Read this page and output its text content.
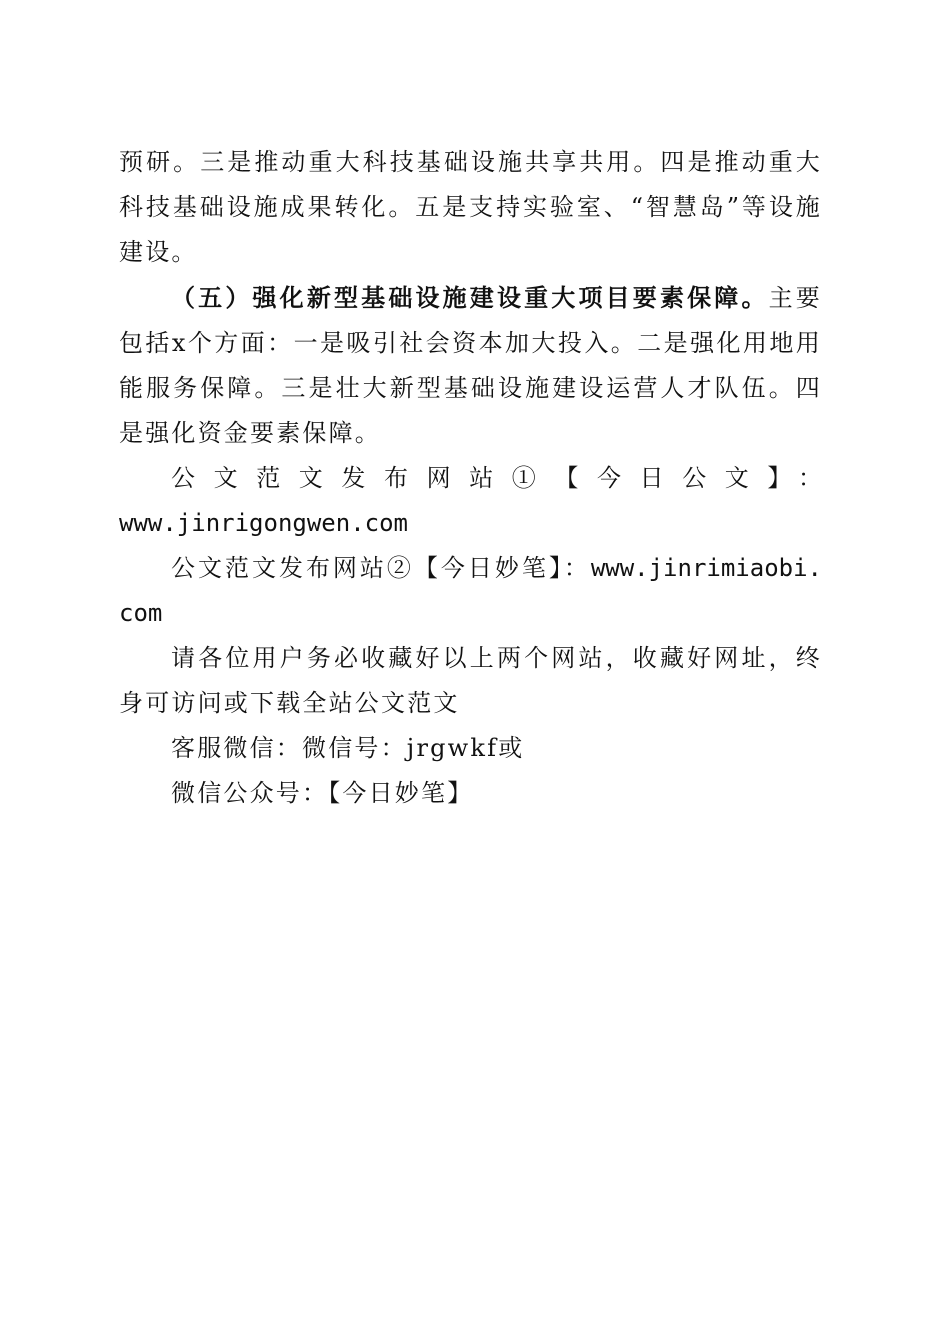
预研。三是推动重大科技基础设施共享共用。四是推动重大科技基础设施成果转化。五是支持实验室、“智慧岛”等设施建设。

（五）强化新型基础设施建设重大项目要素保障。主要包括x个方面：一是吸引社会资本加大投入。二是强化用地用能服务保障。三是壮大新型基础设施建设运营人才队伍。四是强化资金要素保障。

公文范文发布网站①【今日公文】：

www.jinrigongwen.com

公文范文发布网站②【今日妙笔】：www.jinrimiaobi.com

请各位用户务必收藏好以上两个网站，收藏好网址，终身可访问或下载全站公文范文

客服微信：微信号：jrgwkf或

微信公众号：【今日妙笔】
